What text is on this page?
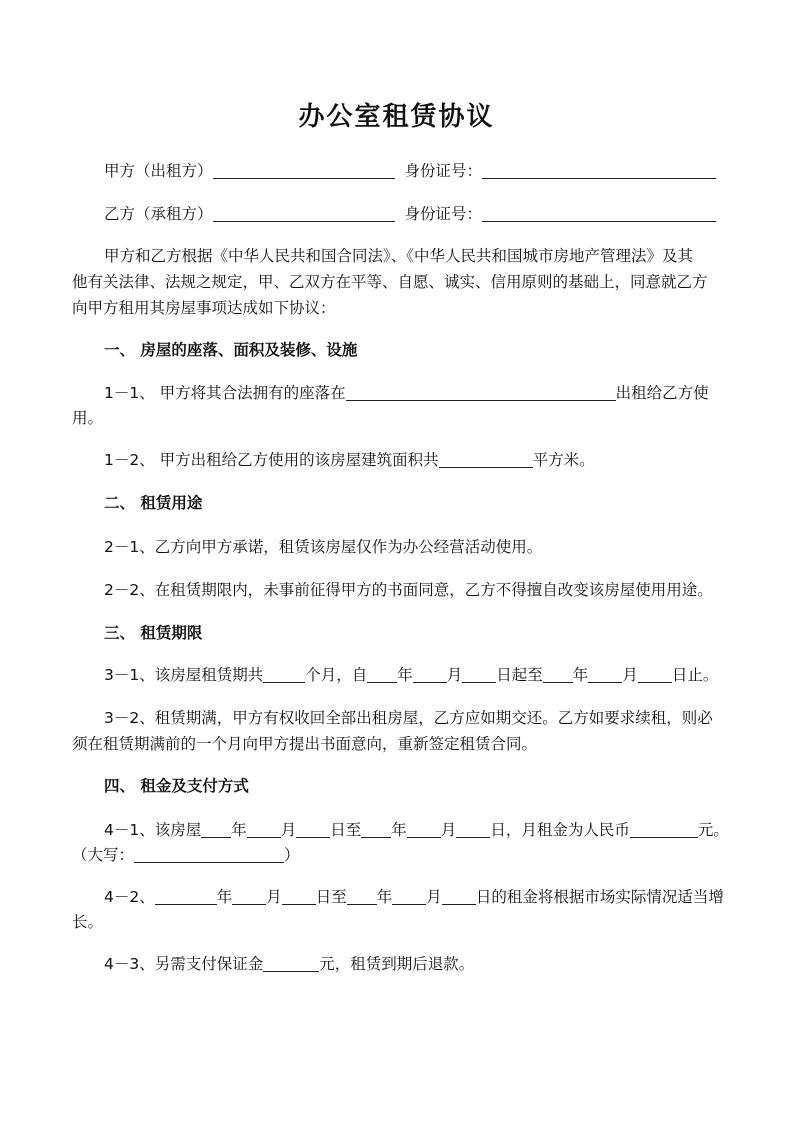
办公室租赁协议
甲方（出租方）	身份证号：
乙方（承租方）	身份证号：
甲方和乙方根据《中华人民共和国合同法》、《中华人民共和国城市房地产管理法》及其
他有关法律、法规之规定，甲、乙双方在平等、自愿、诚实、信用原则的基础上，同意就乙方
向甲方租用其房屋事项达成如下协议：
一、 房屋的座落、面积及装修、设施
1－1、 甲方将其合法拥有的座落在	出租给乙方使
用。
1－2、 甲方出租给乙方使用的该房屋建筑面积共	平方米。
二、 租赁用途
2－1、乙方向甲方承诺，租赁该房屋仅作为办公经营活动使用。
2－2、在租赁期限内，未事前征得甲方的书面同意，乙方不得擅自改变该房屋使用用途。
三、 租赁期限
3－1、该房屋租赁期共	个月，自 年 月 日起至 年 月 日止。
3－2、租赁期满，甲方有权收回全部出租房屋，乙方应如期交还。乙方如要求续租，则必
须在租赁期满前的一个月向甲方提出书面意向，重新签定租赁合同。
四、 租金及支付方式
4－1、该房屋 年 月 日至 年 月 日，月租金为人民币	元。
（大写：	）
4－2、	年 月 日至 年 月 日的租金将根据市场实际情况适当增
长。
4－3、另需支付保证金	元，租赁到期后退款。
